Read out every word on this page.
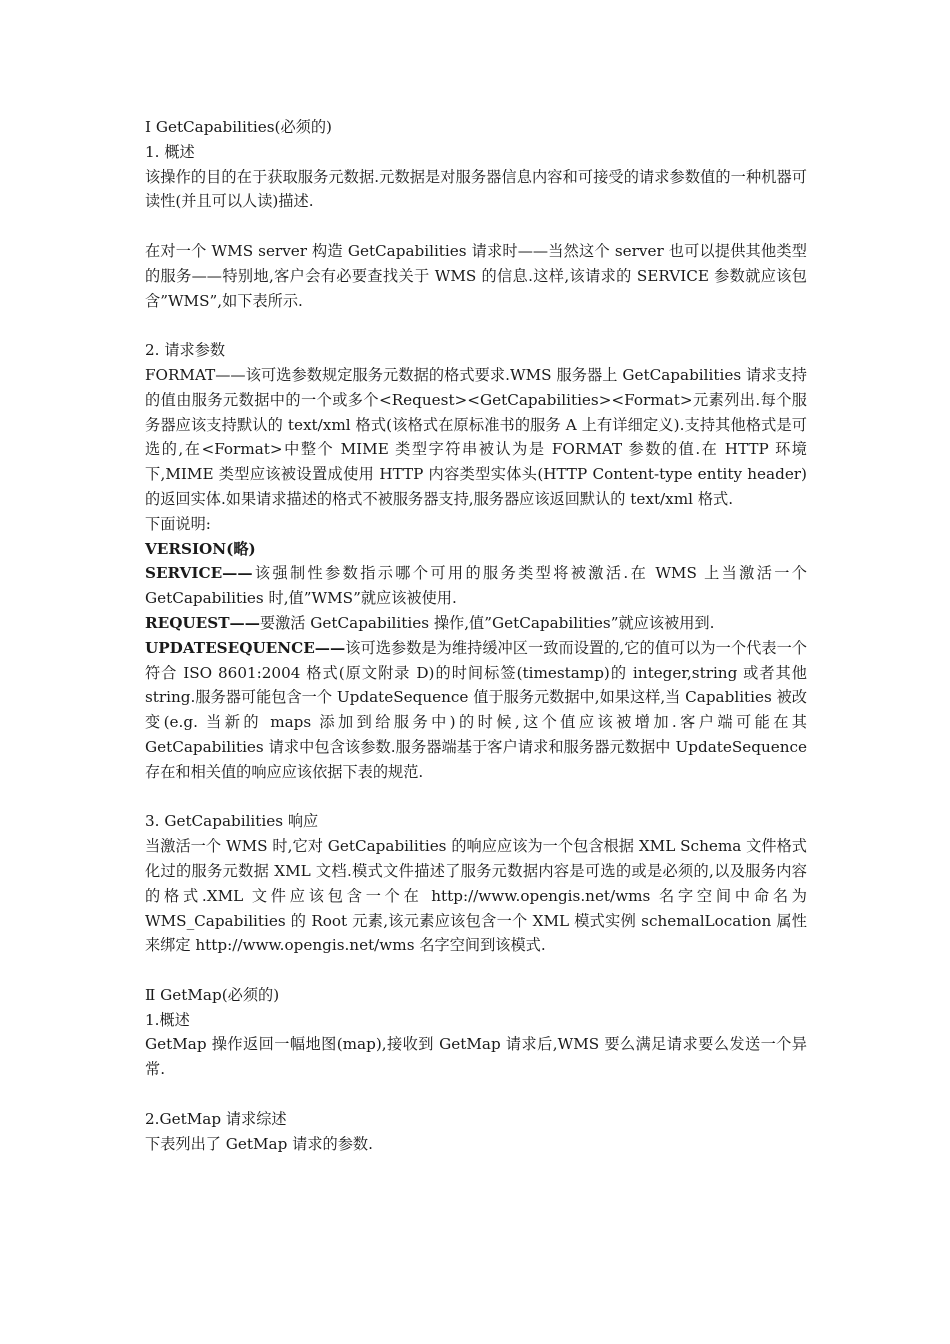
Ⅰ GetCapabilities(必须的)
1. 概述
该操作的目的在于获取服务元数据.元数据是对服务器信息内容和可接受的请求参数值的一种机器可读性(并且可以人读)描述.
在对一个 WMS server 构造 GetCapabilities 请求时——当然这个 server 也可以提供其他类型的服务——特别地,客户会有必要查找关于 WMS 的信息.这样,该请求的 SERVICE 参数就应该包含”WMS”,如下表所示.
2. 请求参数
FORMAT——该可选参数规定服务元数据的格式要求.WMS 服务器上 GetCapabilities 请求支持的值由服务元数据中的一个或多个<Request><GetCapabilities><Format>元素列出.每个服务器应该支持默认的 text/xml 格式(该格式在原标准书的服务 A 上有详细定义).支持其他格式是可选的,在<Format>中整个 MIME 类型字符串被认为是 FORMAT 参数的值.在 HTTP 环境下,MIME 类型应该被设置成使用 HTTP 内容类型实体头(HTTP Content-type entity header)的返回实体.如果请求描述的格式不被服务器支持,服务器应该返回默认的 text/xml 格式.
下面说明:
VERSION(略)
SERVICE——该强制性参数指示哪个可用的服务类型将被激活.在 WMS 上当激活一个GetCapabilities 时,值”WMS”就应该被使用.
REQUEST——要激活 GetCapabilities 操作,值”GetCapabilities”就应该被用到.
UPDATESEQUENCE——该可选参数是为维持缓冲区一致而设置的,它的值可以为一个代表一个符合 ISO 8601:2004 格式(原文附录 D)的时间标签(timestamp)的 integer,string 或者其他 string.服务器可能包含一个 UpdateSequence 值于服务元数据中,如果这样,当 Capablities 被改变(e.g. 当新的 maps 添加到给服务中)的时候,这个值应该被增加.客户端可能在其GetCapabilities 请求中包含该参数.服务器端基于客户请求和服务器元数据中 UpdateSequence 存在和相关值的响应应该依据下表的规范.
3. GetCapabilities 响应
当激活一个 WMS 时,它对 GetCapabilities 的响应应该为一个包含根据 XML Schema 文件格式化过的服务元数据 XML 文档.模式文件描述了服务元数据内容是可选的或是必须的,以及服务内容的格式.XML 文件应该包含一个在 http://www.opengis.net/wms 名字空间中命名为WMS_Capabilities 的 Root 元素,该元素应该包含一个 XML 模式实例 schemalLocation 属性来绑定 http://www.opengis.net/wms 名字空间到该模式.
Ⅱ GetMap(必须的)
1.概述
GetMap 操作返回一幅地图(map),接收到 GetMap 请求后,WMS 要么满足请求要么发送一个异常.
2.GetMap 请求综述
下表列出了 GetMap 请求的参数.
